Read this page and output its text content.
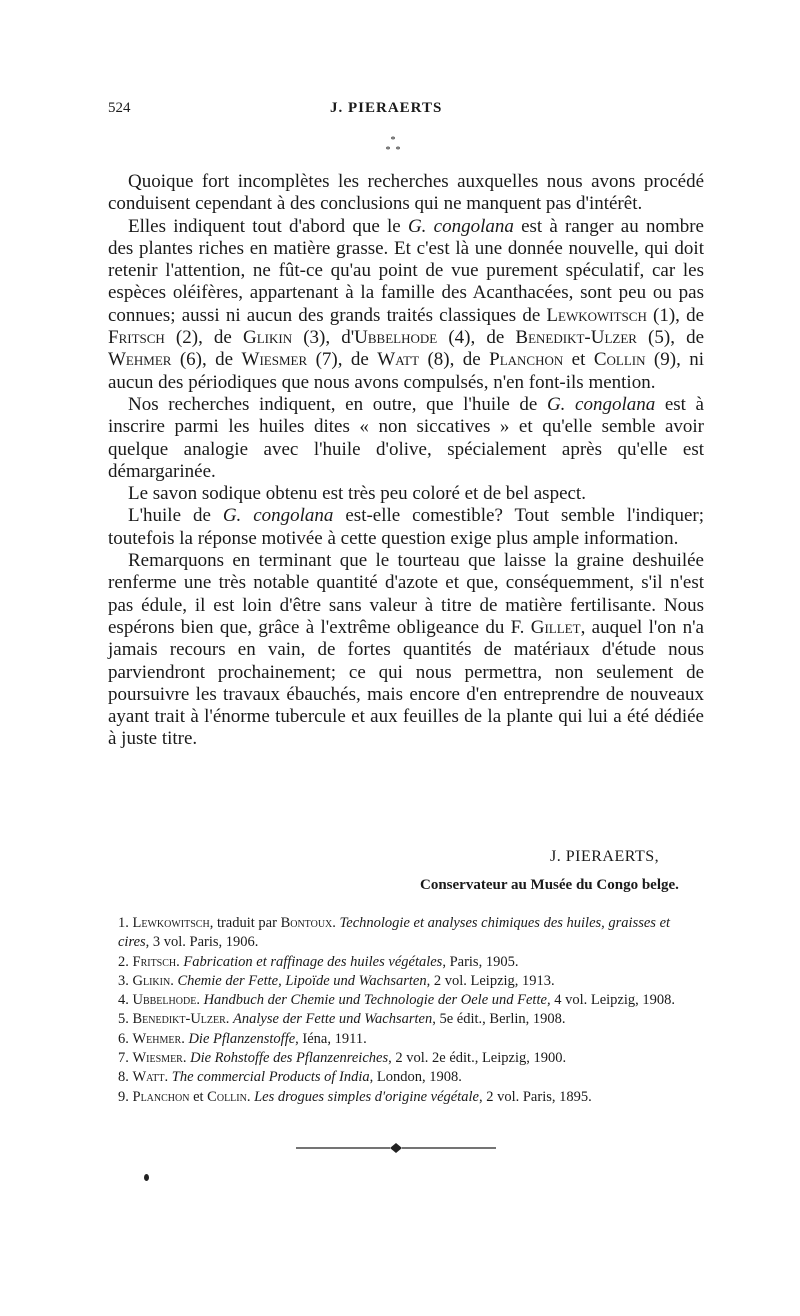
524	J. PIERAERTS
*
*  *

Quoique fort incomplètes les recherches auxquelles nous avons procédé conduisent cependant à des conclusions qui ne manquent pas d'intérêt.

Elles indiquent tout d'abord que le G. congolana est à ranger au nombre des plantes riches en matière grasse. Et c'est là une donnée nouvelle, qui doit retenir l'attention, ne fût-ce qu'au point de vue purement spéculatif, car les espèces oléifères, appartenant à la famille des Acanthacées, sont peu ou pas connues; aussi ni aucun des grands traités classiques de Lewkowitsch (1), de Fritsch (2), de Glikin (3), d'Ubbelhode (4), de Benedikt-Ulzer (5), de Wehmer (6), de Wiesmer (7), de Watt (8), de Planchon et Collin (9), ni aucun des périodiques que nous avons compulsés, n'en font-ils mention.

Nos recherches indiquent, en outre, que l'huile de G. congolana est à inscrire parmi les huiles dites « non siccatives » et qu'elle semble avoir quelque analogie avec l'huile d'olive, spécialement après qu'elle est démargarinée.

Le savon sodique obtenu est très peu coloré et de bel aspect.

L'huile de G. congolana est-elle comestible? Tout semble l'indiquer; toutefois la réponse motivée à cette question exige plus ample information.

Remarquons en terminant que le tourteau que laisse la graine deshuilée renferme une très notable quantité d'azote et que, conséquemment, s'il n'est pas édule, il est loin d'être sans valeur à titre de matière fertilisante. Nous espérons bien que, grâce à l'extrême obligeance du F. Gillet, auquel l'on n'a jamais recours en vain, de fortes quantités de matériaux d'étude nous parviendront prochainement; ce qui nous permettra, non seulement de poursuivre les travaux ébauchés, mais encore d'en entreprendre de nouveaux ayant trait à l'énorme tubercule et aux feuilles de la plante qui lui a été dédiée à juste titre.

J. PIERAERTS,
Conservateur au Musée du Congo belge.
1. Lewkowitsch, traduit par Bontoux. Technologie et analyses chimiques des huiles, graisses et cires, 3 vol. Paris, 1906.
2. Fritsch. Fabrication et raffinage des huiles végétales, Paris, 1905.
3. Glikin. Chemie der Fette, Lipoïde und Wachsarten, 2 vol. Leipzig, 1913.
4. Ubbelhode. Handbuch der Chemie und Technologie der Oele und Fette, 4 vol. Leipzig, 1908.
5. Benedikt-Ulzer. Analyse der Fette und Wachsarten, 5e édit., Berlin, 1908.
6. Wehmer. Die Pflanzenstoffe, Iéna, 1911.
7. Wiesmer. Die Rohstoffe des Pflanzenreiches, 2 vol. 2e édit., Leipzig, 1900.
8. Watt. The commercial Products of India, London, 1908.
9. Planchon et Collin. Les drogues simples d'origine végétale, 2 vol. Paris, 1895.
